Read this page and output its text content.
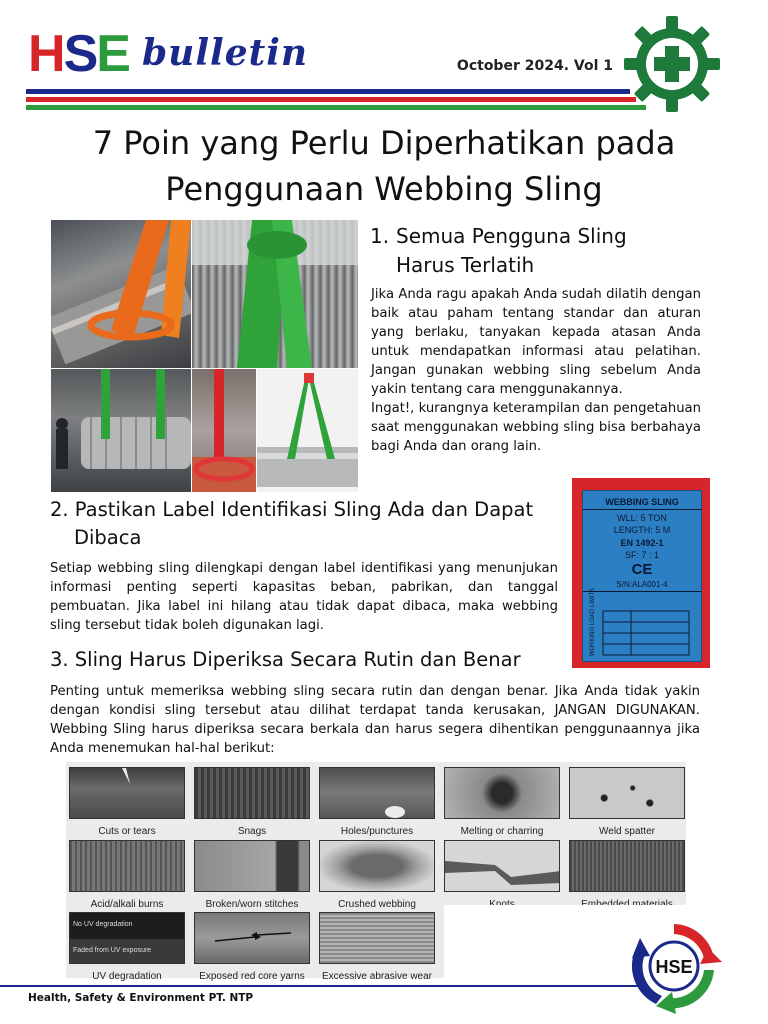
HSE bulletin	October 2024. Vol 1
7 Poin yang Perlu Diperhatikan pada
Penggunaan Webbing Sling
1. Semua Pengguna Sling
Harus Terlatih
Jika Anda ragu apakah Anda sudah dilatih dengan baik atau paham tentang standar dan aturan yang berlaku, tanyakan kepada atasan Anda untuk mendapatkan informasi atau pelatihan. Jangan gunakan webbing sling sebelum Anda yakin tentang cara menggunakannya.
Ingat!, kurangnya keterampilan dan pengetahuan saat menggunakan webbing sling bisa berbahaya bagi Anda dan orang lain.
2. Pastikan Label Identifikasi Sling Ada dan Dapat
Dibaca
Setiap webbing sling dilengkapi dengan label identifikasi yang menunjukan informasi penting seperti kapasitas beban, pabrikan, dan tanggal pembuatan. Jika label ini hilang atau tidak dapat dibaca, maka webbing sling tersebut tidak boleh digunakan lagi.
WEBBING SLING
WLL: 5 TON
LENGTH: 5 M
EN 1492-1
SF: 7 : 1
CE
S/N:ALA001-4
WORKING LOAD LIMITS
3. Sling Harus Diperiksa Secara Rutin dan Benar
Penting untuk memeriksa webbing sling secara rutin dan dengan benar. Jika Anda tidak yakin dengan kondisi sling tersebut atau dilihat terdapat tanda kerusakan, JANGAN DIGUNAKAN. Webbing Sling harus diperiksa secara berkala dan harus segera dihentikan penggunaannya jika Anda menemukan hal-hal berikut:
Cuts or tears	Snags	Holes/punctures	Melting or charring	Weld spatter
Acid/alkali burns	Broken/worn stitches	Crushed webbing
No UV degradation
Faded from UV exposure
UV degradation	Exposed red core yarns	Excessive abrasive wear
Health, Safety & Environment PT. NTP
HSE
